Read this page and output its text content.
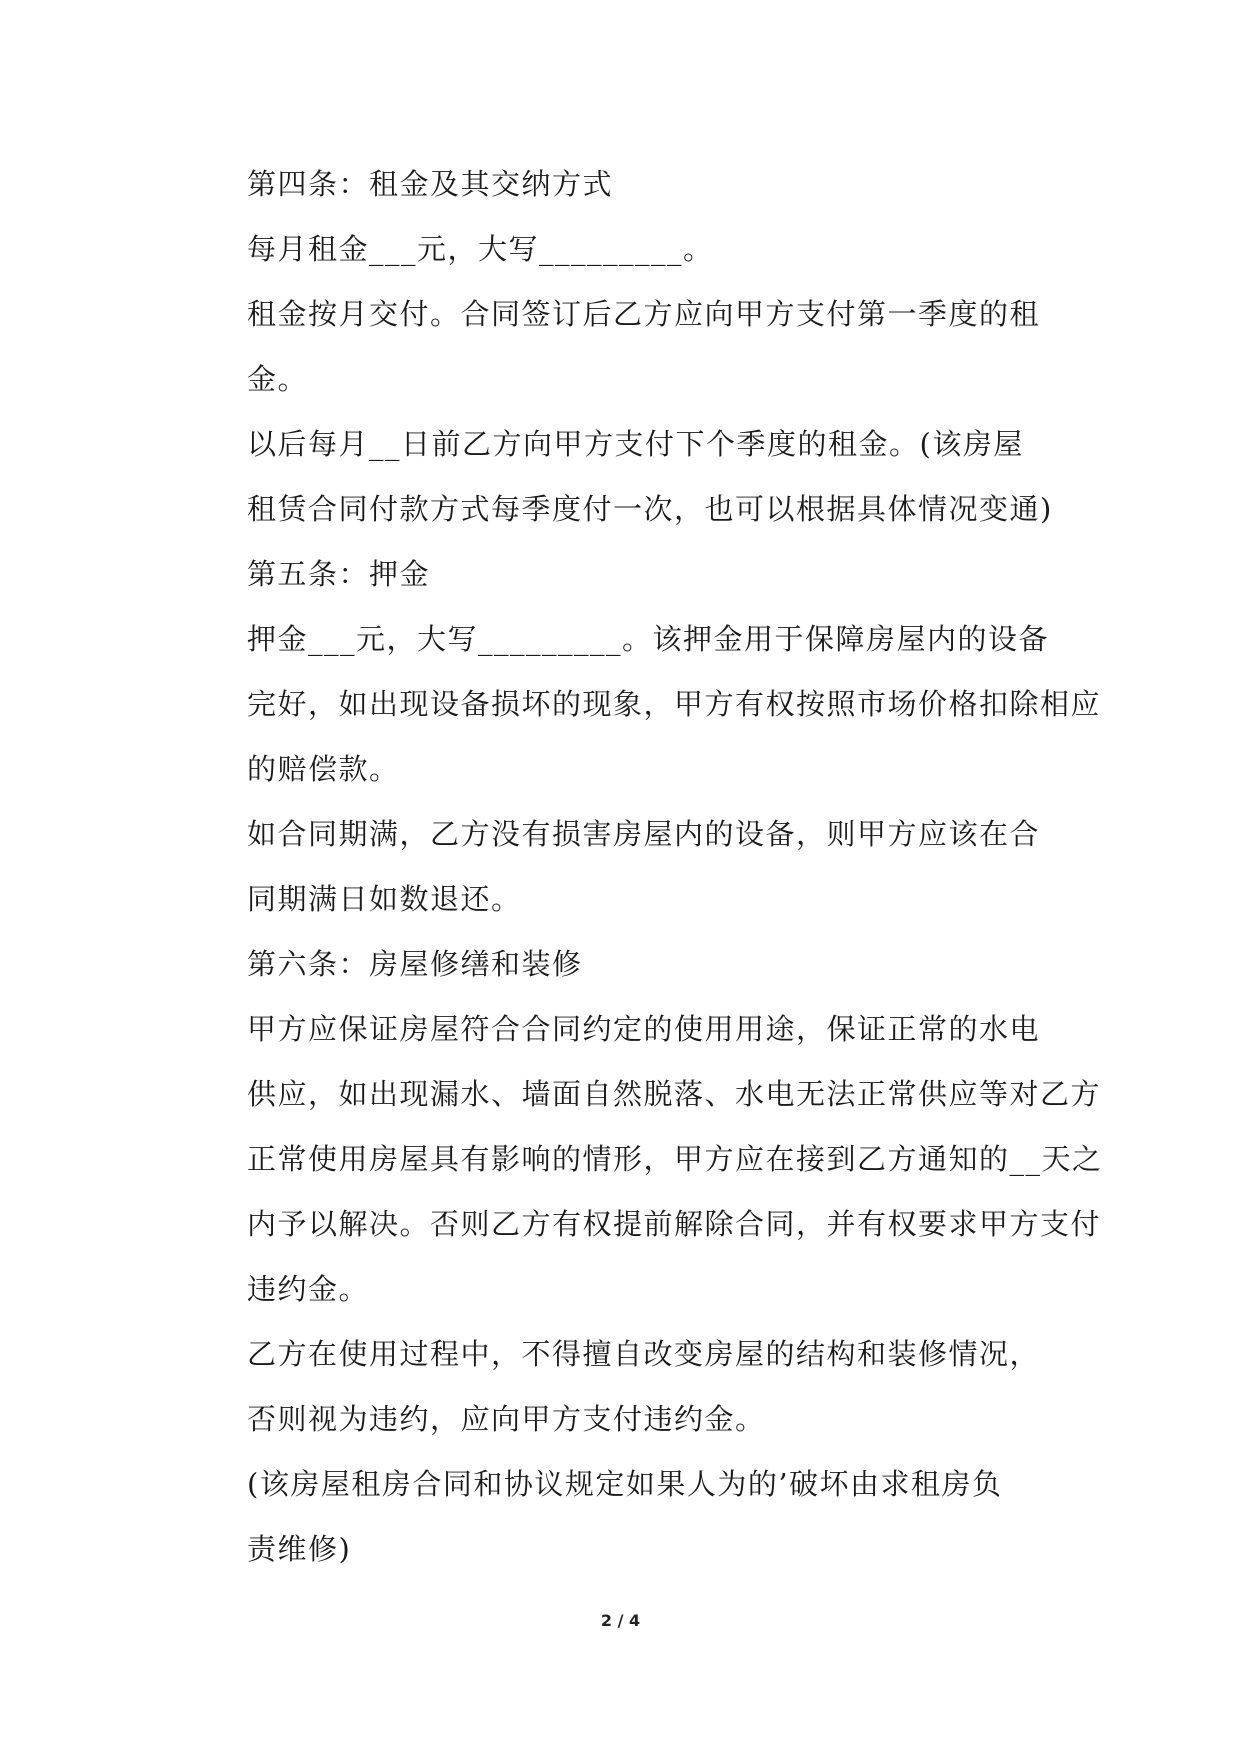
第四条：租金及其交纳方式

每月租金___元，大写_________。

租金按月交付。合同签订后乙方应向甲方支付第一季度的租
金。

以后每月__日前乙方向甲方支付下个季度的租金。(该房屋
租赁合同付款方式每季度付一次，也可以根据具体情况变通)

第五条：押金

押金___元，大写_________。该押金用于保障房屋内的设备
完好，如出现设备损坏的现象，甲方有权按照市场价格扣除相应
的赔偿款。

如合同期满，乙方没有损害房屋内的设备，则甲方应该在合
同期满日如数退还。

第六条：房屋修缮和装修

甲方应保证房屋符合合同约定的使用用途，保证正常的水电
供应，如出现漏水、墙面自然脱落、水电无法正常供应等对乙方
正常使用房屋具有影响的情形，甲方应在接到乙方通知的__天之
内予以解决。否则乙方有权提前解除合同，并有权要求甲方支付
违约金。

乙方在使用过程中，不得擅自改变房屋的结构和装修情况，
否则视为违约，应向甲方支付违约金。

(该房屋租房合同和协议规定如果人为的’破坏由求租房负
责维修)

2 / 4
